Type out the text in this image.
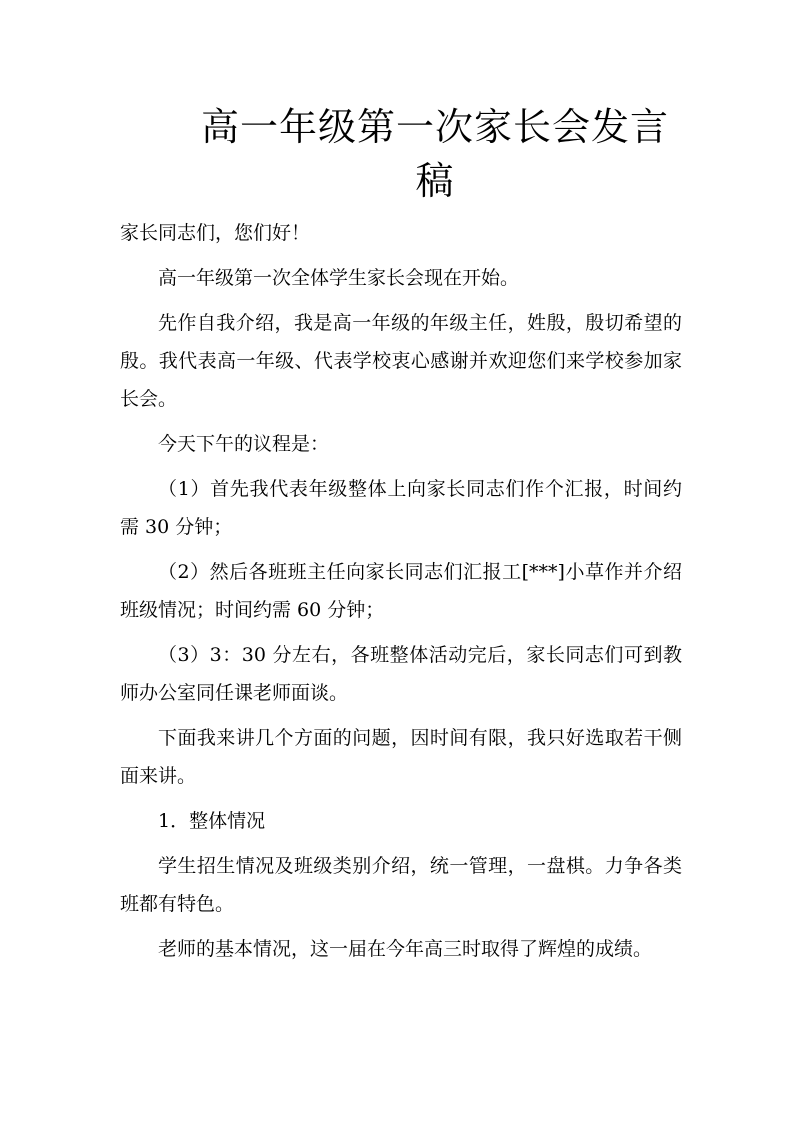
高一年级第一次家长会发言
稿

家长同志们，您们好！

高一年级第一次全体学生家长会现在开始。

先作自我介绍，我是高一年级的年级主任，姓殷，殷切希望的殷。我代表高一年级、代表学校衷心感谢并欢迎您们来学校参加家长会。

今天下午的议程是：

（1）首先我代表年级整体上向家长同志们作个汇报，时间约需 30 分钟；

（2）然后各班班主任向家长同志们汇报工[***]小草作并介绍班级情况；时间约需 60 分钟；

（3）3：30 分左右，各班整体活动完后，家长同志们可到教师办公室同任课老师面谈。

下面我来讲几个方面的问题，因时间有限，我只好选取若干侧面来讲。

1．整体情况

学生招生情况及班级类别介绍，统一管理，一盘棋。力争各类班都有特色。

老师的基本情况，这一届在今年高三时取得了辉煌的成绩。
